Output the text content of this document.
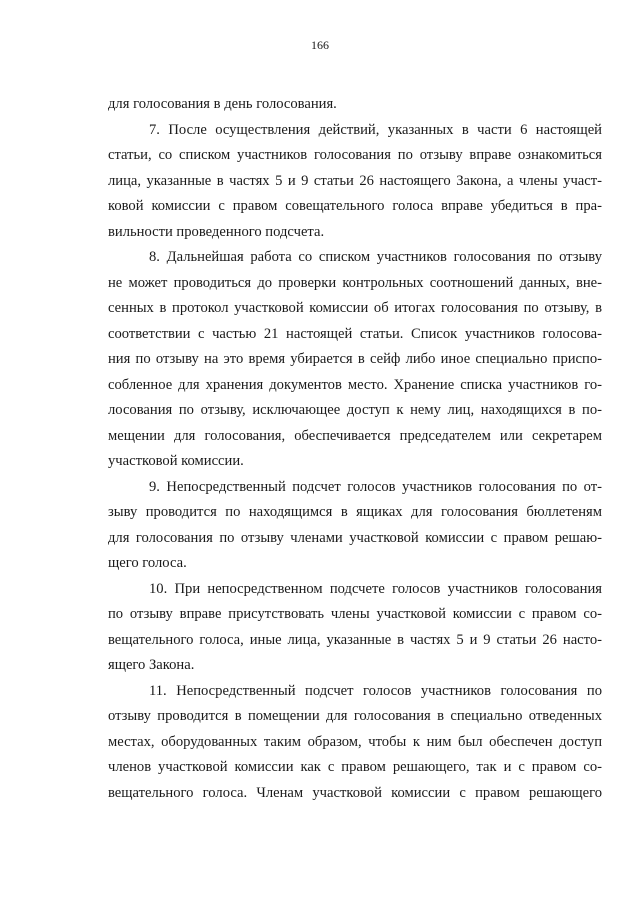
166
для голосования в день голосования.
7. После осуществления действий, указанных в части 6 настоящей
статьи, со списком участников голосования по отзыву вправе ознакомиться
лица, указанные в частях 5 и 9 статьи 26 настоящего Закона, а члены участ-
ковой комиссии с правом совещательного голоса вправе убедиться в пра-
вильности проведенного подсчета.
8. Дальнейшая работа со списком участников голосования по отзыву
не может проводиться до проверки контрольных соотношений данных, вне-
сенных в протокол участковой комиссии об итогах голосования по отзыву, в
соответствии с частью 21 настоящей статьи. Список участников голосова-
ния по отзыву на это время убирается в сейф либо иное специально приспо-
собленное для хранения документов место. Хранение списка участников го-
лосования по отзыву, исключающее доступ к нему лиц, находящихся в по-
мещении для голосования, обеспечивается председателем или секретарем
участковой комиссии.
9. Непосредственный подсчет голосов участников голосования по от-
зыву проводится по находящимся в ящиках для голосования бюллетеням
для голосования по отзыву членами участковой комиссии с правом решаю-
щего голоса.
10. При непосредственном подсчете голосов участников голосования
по отзыву вправе присутствовать члены участковой комиссии с правом со-
вещательного голоса, иные лица, указанные в частях 5 и 9 статьи 26 насто-
ящего Закона.
11. Непосредственный подсчет голосов участников голосования по
отзыву проводится в помещении для голосования в специально отведенных
местах, оборудованных таким образом, чтобы к ним был обеспечен доступ
членов участковой комиссии как с правом решающего, так и с правом со-
вещательного голоса. Членам участковой комиссии с правом решающего
